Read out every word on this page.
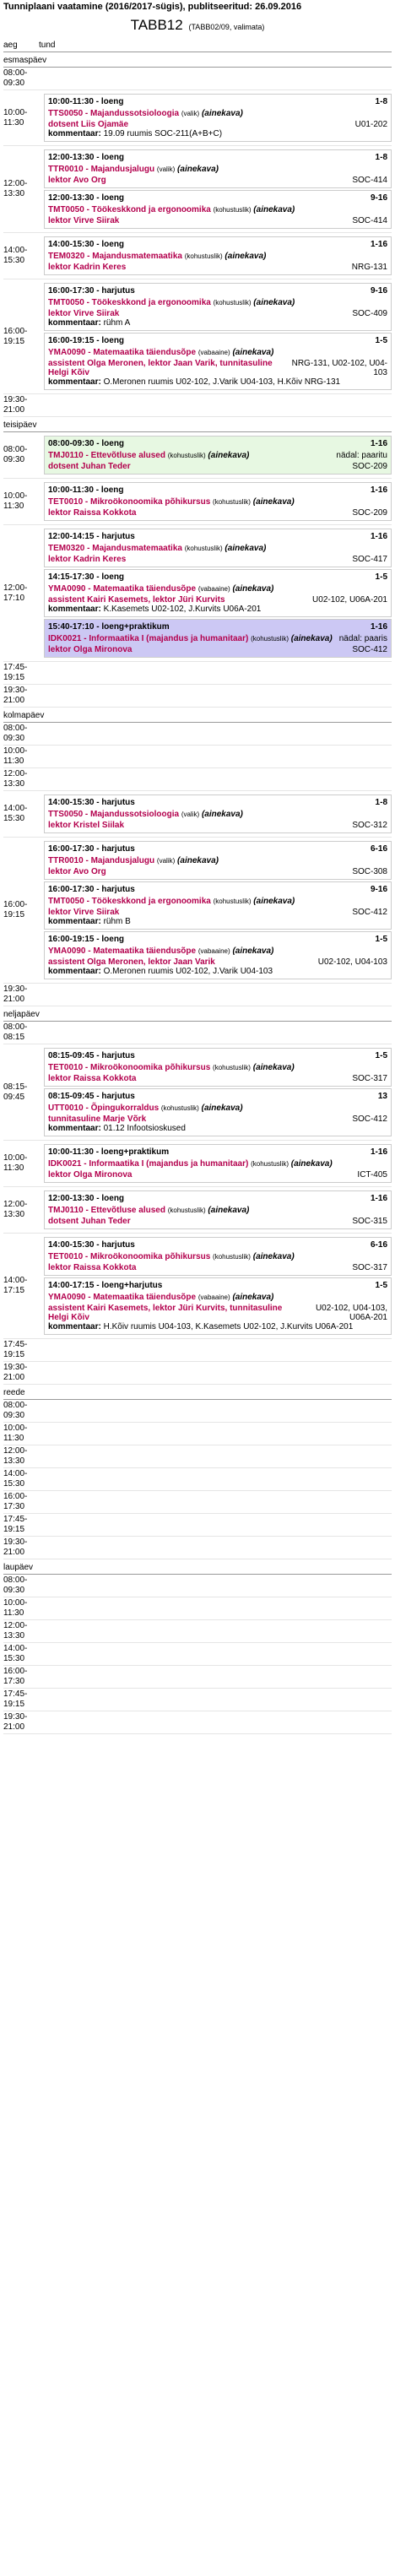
Tunniplaani vaatamine (2016/2017-sügis), publitseeritud: 26.09.2016
TABB12 (TABB02/09, valimata)
aeg	tund
esmaspäev
08:00-
09:30
10:00-
11:30
10:00-11:30 - loeng	1-8
TTS0050 - Majandussotsioloogia (valik) (ainekava)
dotsent Liis Ojamäe	U01-202
kommentaar: 19.09 ruumis SOC-211(A+B+C)
12:00-
13:30
12:00-13:30 - loeng	1-8
TTR0010 - Majandusjalugu (valik) (ainekava)
lektor Avo Org	SOC-414
12:00-13:30 - loeng	9-16
TMT0050 - Töökeskkond ja ergonoomika (kohustuslik) (ainekava)
lektor Virve Siirak	SOC-414
14:00-
15:30
14:00-15:30 - loeng	1-16
TEM0320 - Majandusmatemaatika (kohustuslik) (ainekava)
lektor Kadrin Keres	NRG-131
16:00-
19:15
16:00-17:30 - harjutus	9-16
TMT0050 - Töökeskkond ja ergonoomika (kohustuslik) (ainekava)
lektor Virve Siirak	SOC-409
kommentaar: rühm A
16:00-19:15 - loeng	1-5
YMA0090 - Matemaatika täiendusõpe (vabaaine) (ainekava)
assistent Olga Meronen, lektor Jaan Varik, tunnitasuline Helgi Kõiv
NRG-131, U02-102, U04-103
kommentaar: O.Meronen ruumis U02-102, J.Varik U04-103, H.Kõiv NRG-131
19:30-
21:00
teisipäev
08:00-
09:30
08:00-09:30 - loeng	1-16
TMJ0110 - Ettevõtluse alused (kohustuslik) (ainekava)	nädal: paaritu
dotsent Juhan Teder	SOC-209
10:00-
11:30
10:00-11:30 - loeng	1-16
TET0010 - Mikroökonoomika põhikursus (kohustuslik) (ainekava)
lektor Raissa Kokkota	SOC-209
12:00-
17:10
12:00-14:15 - harjutus	1-16
TEM0320 - Majandusmatemaatika (kohustuslik) (ainekava)
lektor Kadrin Keres	SOC-417
14:15-17:30 - loeng	1-5
YMA0090 - Matemaatika täiendusõpe (vabaaine) (ainekava)
assistent Kairi Kasemets, lektor Jüri Kurvits	U02-102, U06A-201
kommentaar: K.Kasemets U02-102, J.Kurvits U06A-201
15:40-17:10 - loeng+praktikum	1-16
IDK0021 - Informaatika I (majandus ja humanitaar) (kohustuslik) (ainekava) nädal: paaris
lektor Olga Mironova	SOC-412
17:45-
19:15
19:30-
21:00
kolmapäev
08:00-
09:30
10:00-
11:30
12:00-
13:30
14:00-
15:30
14:00-15:30 - harjutus	1-8
TTS0050 - Majandussotsioloogia (valik) (ainekava)
lektor Kristel Siilak	SOC-312
16:00-
19:15
16:00-17:30 - harjutus	6-16
TTR0010 - Majandusjalugu (valik) (ainekava)
lektor Avo Org	SOC-308
16:00-17:30 - harjutus	9-16
TMT0050 - Töökeskkond ja ergonoomika (kohustuslik) (ainekava)
lektor Virve Siirak	SOC-412
kommentaar: rühm B
16:00-19:15 - loeng	1-5
YMA0090 - Matemaatika täiendusõpe (vabaaine) (ainekava)
assistent Olga Meronen, lektor Jaan Varik	U02-102, U04-103
kommentaar: O.Meronen ruumis U02-102, J.Varik U04-103
19:30-
21:00
neljapäev
08:00-
08:15
08:15-
09:45
08:15-09:45 - harjutus	1-5
TET0010 - Mikroökonoomika põhikursus (kohustuslik) (ainekava)
lektor Raissa Kokkota	SOC-317
08:15-09:45 - harjutus	13
UTT0010 - Õpingukorraldus (kohustuslik) (ainekava)
tunnitasuline Marje Võrk	SOC-412
kommentaar: 01.12 Infootsioskused
10:00-
11:30
10:00-11:30 - loeng+praktikum	1-16
IDK0021 - Informaatika I (majandus ja humanitaar) (kohustuslik) (ainekava)
lektor Olga Mironova	ICT-405
12:00-
13:30
12:00-13:30 - loeng	1-16
TMJ0110 - Ettevõtluse alused (kohustuslik) (ainekava)
dotsent Juhan Teder	SOC-315
14:00-
17:15
14:00-15:30 - harjutus	6-16
TET0010 - Mikroökonoomika põhikursus (kohustuslik) (ainekava)
lektor Raissa Kokkota	SOC-317
14:00-17:15 - loeng+harjutus	1-5
YMA0090 - Matemaatika täiendusõpe (vabaaine) (ainekava)
assistent Kairi Kasemets, lektor Jüri Kurvits, tunnitasuline Helgi Kõiv
U02-102, U04-103, U06A-201
kommentaar: H.Kõiv ruumis U04-103, K.Kasemets U02-102, J.Kurvits U06A-201
17:45-
19:15
19:30-
21:00
reede
08:00-
09:30
10:00-
11:30
12:00-
13:30
14:00-
15:30
16:00-
17:30
17:45-
19:15
19:30-
21:00
laupäev
08:00-
09:30
10:00-
11:30
12:00-
13:30
14:00-
15:30
16:00-
17:30
17:45-
19:15
19:30-
21:00
